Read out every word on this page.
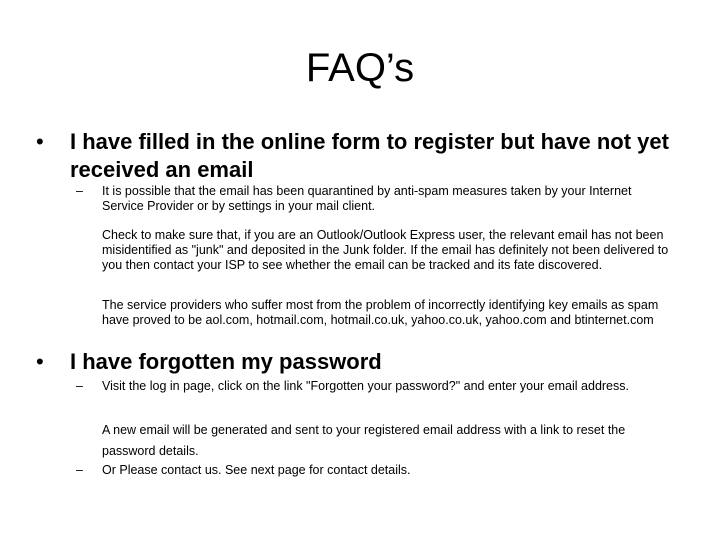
FAQ’s
•	I have filled in the online form to register but have not yet received an email
–	It is possible that the email has been quarantined by anti-spam measures taken by your Internet Service Provider or by settings in your mail client.
Check to make sure that, if you are an Outlook/Outlook Express user, the relevant email has not been misidentified as "junk" and deposited in the Junk folder. If the email has definitely not been delivered to you then contact your ISP to see whether the email can be tracked and its fate discovered.
The service providers who suffer most from the problem of incorrectly identifying key emails as spam have proved to be aol.com, hotmail.com, hotmail.co.uk, yahoo.co.uk, yahoo.com and btinternet.com
•	I have forgotten my password
–	Visit the log in page, click on the link "Forgotten your password?" and enter your email address.
A new email will be generated and sent to your registered email address with a link to reset the password details.
–	Or Please contact us. See next page for contact details.
